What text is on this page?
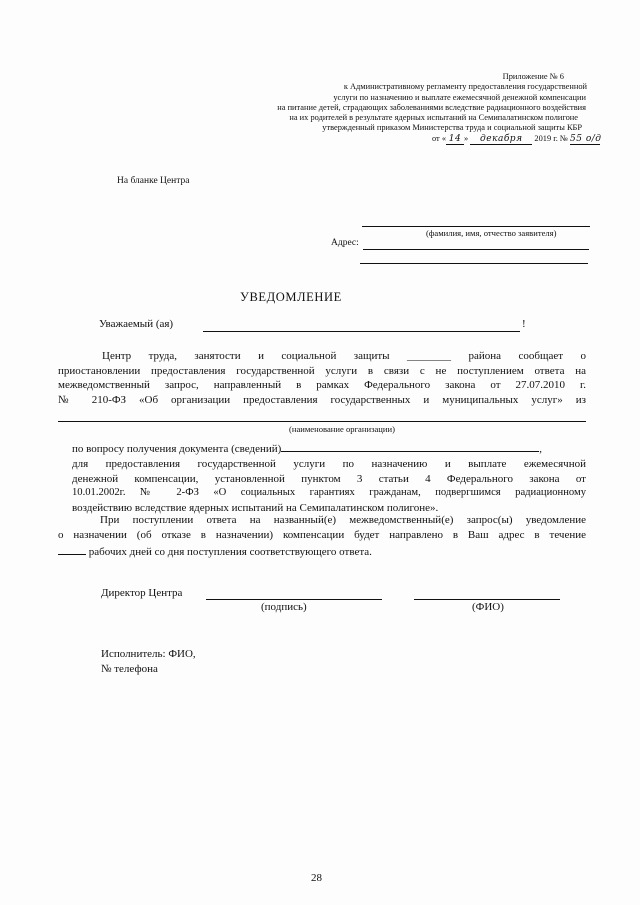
Приложение № 6
к Административному регламенту предоставления государственной
услуги по назначению и выплате ежемесячной денежной компенсации
на питание детей, страдающих заболеваниями вследствие радиационного воздействия
на их родителей в результате ядерных испытаний на Семипалатинском полигоне
утвержденный приказом Министерства труда и социальной защиты КБР
от « 14 » декабря 2019 г. № 55 о/д
На бланке Центра
(фамилия, имя, отчество заявителя)
Адрес:
УВЕДОМЛЕНИЕ
Уважаемый (ая)	!
Центр труда, занятости и социальной защиты ________ района сообщает о
приостановлении предоставления государственной услуги в связи с не поступлением ответа на
межведомственный запрос, направленный в рамках Федерального закона от 27.07.2010 г.
№ 210-ФЗ «Об организации предоставления государственных и муниципальных услуг» из
(наименование организации)
по вопросу получения документа (сведений)	,
для предоставления государственной услуги по назначению и выплате ежемесячной
денежной компенсации, установленной пунктом 3 статьи 4 Федерального закона от
10.01.2002г. № 2-ФЗ «О социальных гарантиях гражданам, подвергшимся радиационному
воздействию вследствие ядерных испытаний на Семипалатинском полигоне».
При поступлении ответа на названный(е) межведомственный(е) запрос(ы) уведомление
о назначении (об отказе в назначении) компенсации будет направлено в Ваш адрес в течение
рабочих дней со дня поступления соответствующего ответа.
Директор Центра
(подпись)	(ФИО)
Исполнитель: ФИО,
№ телефона
28
